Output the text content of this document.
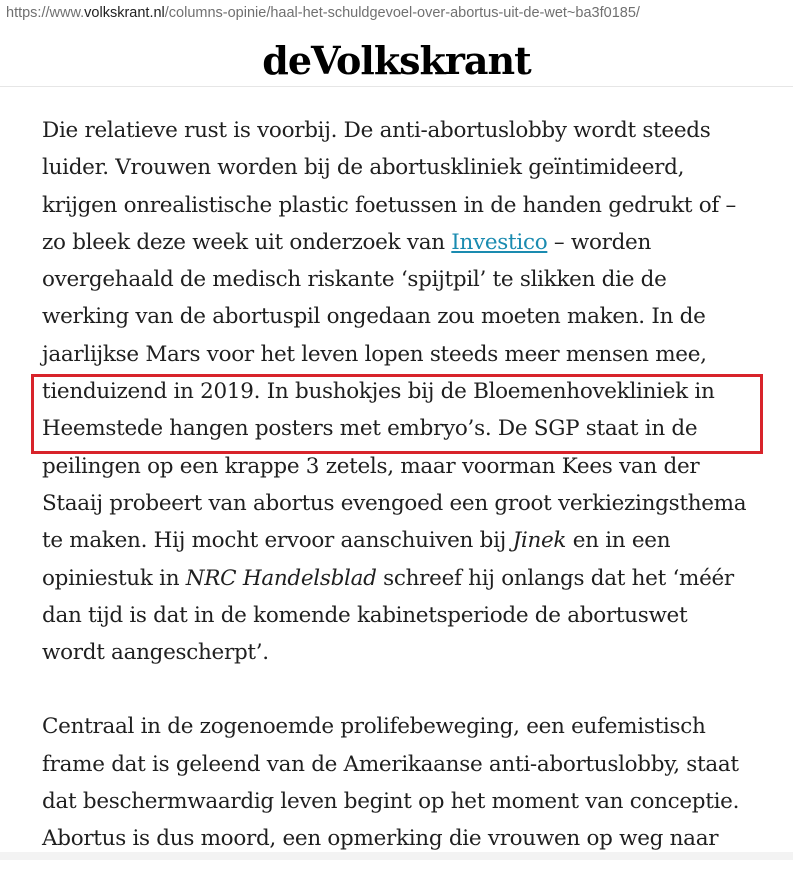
https://www.volkskrant.nl/columns-opinie/haal-het-schuldgevoel-over-abortus-uit-de-wet~ba3f0185/
deVolkskrant

Die relatieve rust is voorbij. De anti-abortuslobby wordt steeds
luider. Vrouwen worden bij de abortuskliniek geïntimideerd,
krijgen onrealistische plastic foetussen in de handen gedrukt of –
zo bleek deze week uit onderzoek van Investico – worden
overgehaald de medisch riskante ‘spijtpil’ te slikken die de
werking van de abortuspil ongedaan zou moeten maken. In de
jaarlijkse Mars voor het leven lopen steeds meer mensen mee,
tienduizend in 2019. In bushokjes bij de Bloemenhovekliniek in
Heemstede hangen posters met embryo’s. De SGP staat in de
peilingen op een krappe 3 zetels, maar voorman Kees van der
Staaij probeert van abortus evengoed een groot verkiezingsthema
te maken. Hij mocht ervoor aanschuiven bij Jinek en in een
opiniestuk in NRC Handelsblad schreef hij onlangs dat het ‘méér
dan tijd is dat in de komende kabinetsperiode de abortuswet
wordt aangescherpt’.

Centraal in de zogenoemde prolifebeweging, een eufemistisch
frame dat is geleend van de Amerikaanse anti-abortuslobby, staat
dat beschermwaardig leven begint op het moment van conceptie.
Abortus is dus moord, een opmerking die vrouwen op weg naar
